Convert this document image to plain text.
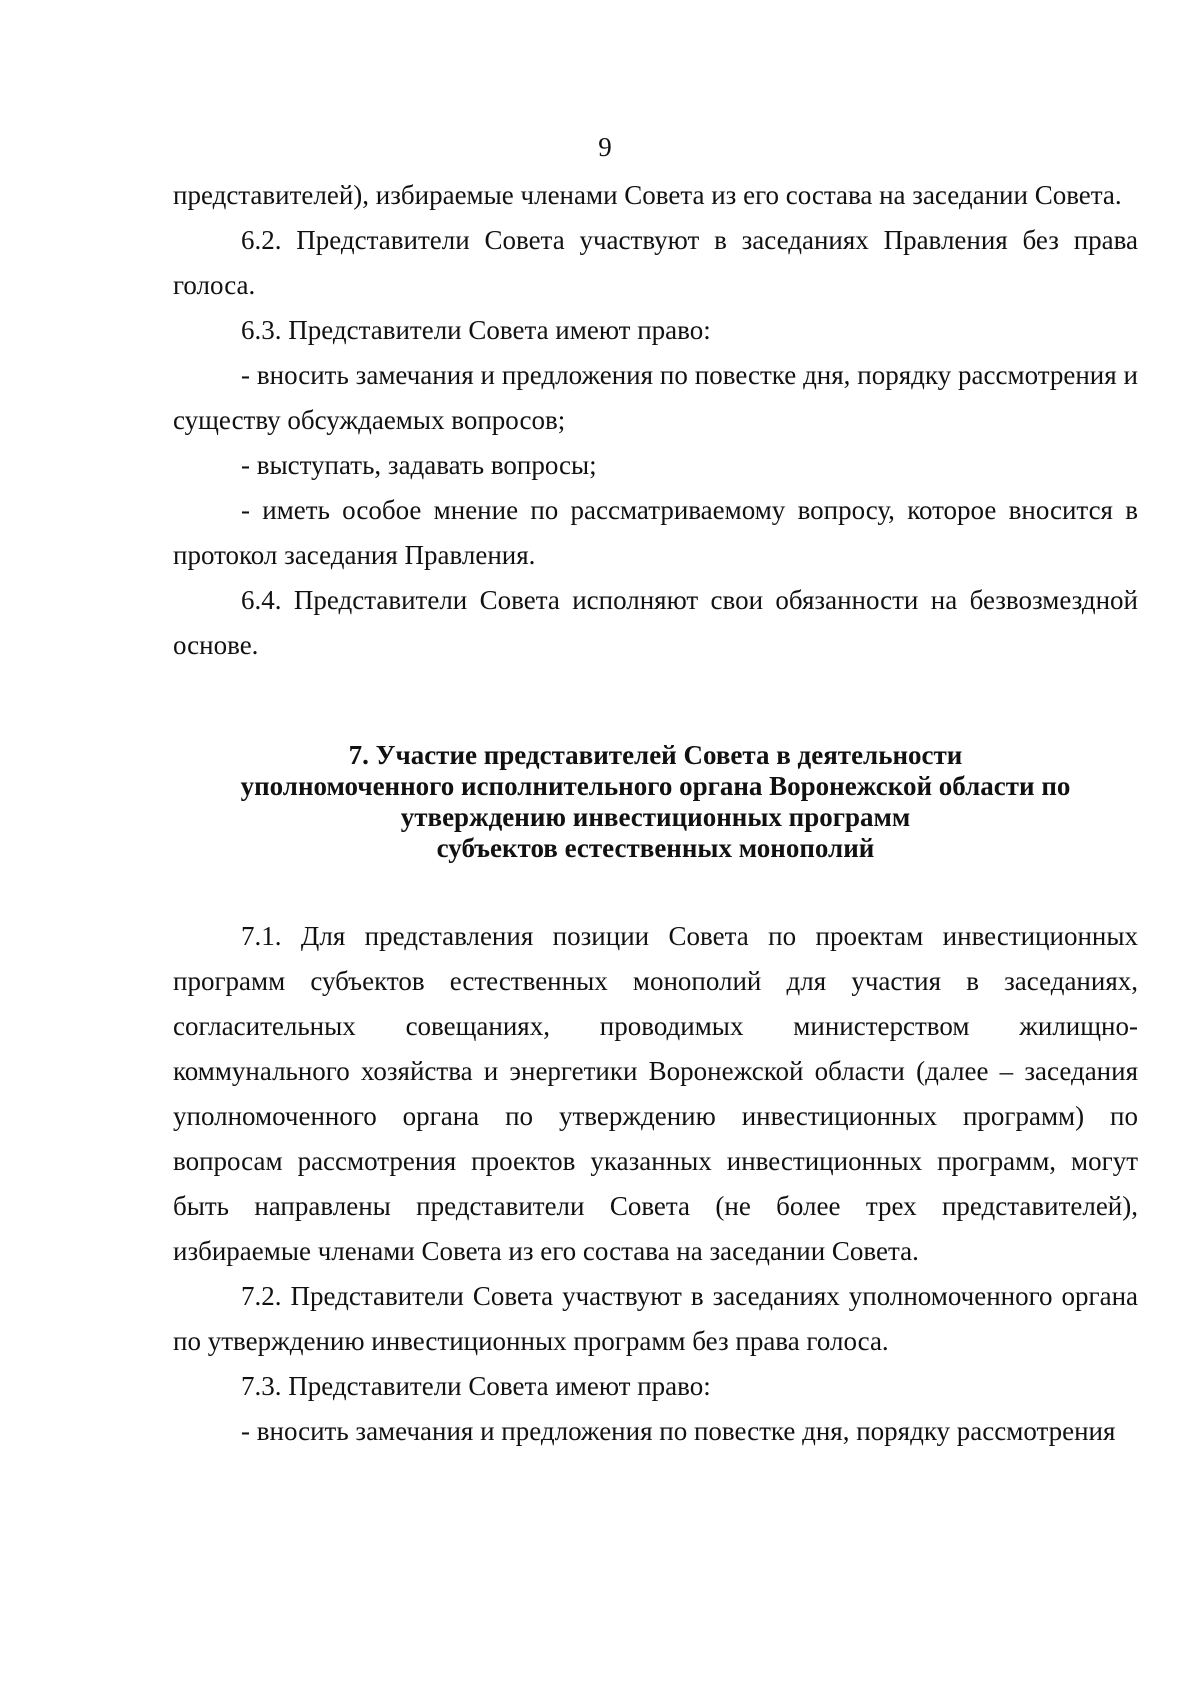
9

представителей), избираемые членами Совета из его состава на заседании Совета.

6.2. Представители Совета участвуют в заседаниях Правления без права голоса.

6.3. Представители Совета имеют право:

- вносить замечания и предложения по повестке дня, порядку рассмотрения и существу обсуждаемых вопросов;

- выступать, задавать вопросы;

- иметь особое мнение по рассматриваемому вопросу, которое вносится в протокол заседания Правления.

6.4. Представители Совета исполняют свои обязанности на безвозмездной основе.

7. Участие представителей Совета в деятельности
уполномоченного исполнительного органа Воронежской области по
утверждению инвестиционных программ
субъектов естественных монополий

7.1. Для представления позиции Совета по проектам инвестиционных программ субъектов естественных монополий для участия в заседаниях, согласительных совещаниях, проводимых министерством жилищно-коммунального хозяйства и энергетики Воронежской области (далее – заседания уполномоченного органа по утверждению инвестиционных программ) по вопросам рассмотрения проектов указанных инвестиционных программ, могут быть направлены представители Совета (не более трех представителей), избираемые членами Совета из его состава на заседании Совета.

7.2. Представители Совета участвуют в заседаниях уполномоченного органа по утверждению инвестиционных программ без права голоса.

7.3. Представители Совета имеют право:

- вносить замечания и предложения по повестке дня, порядку рассмотрения
